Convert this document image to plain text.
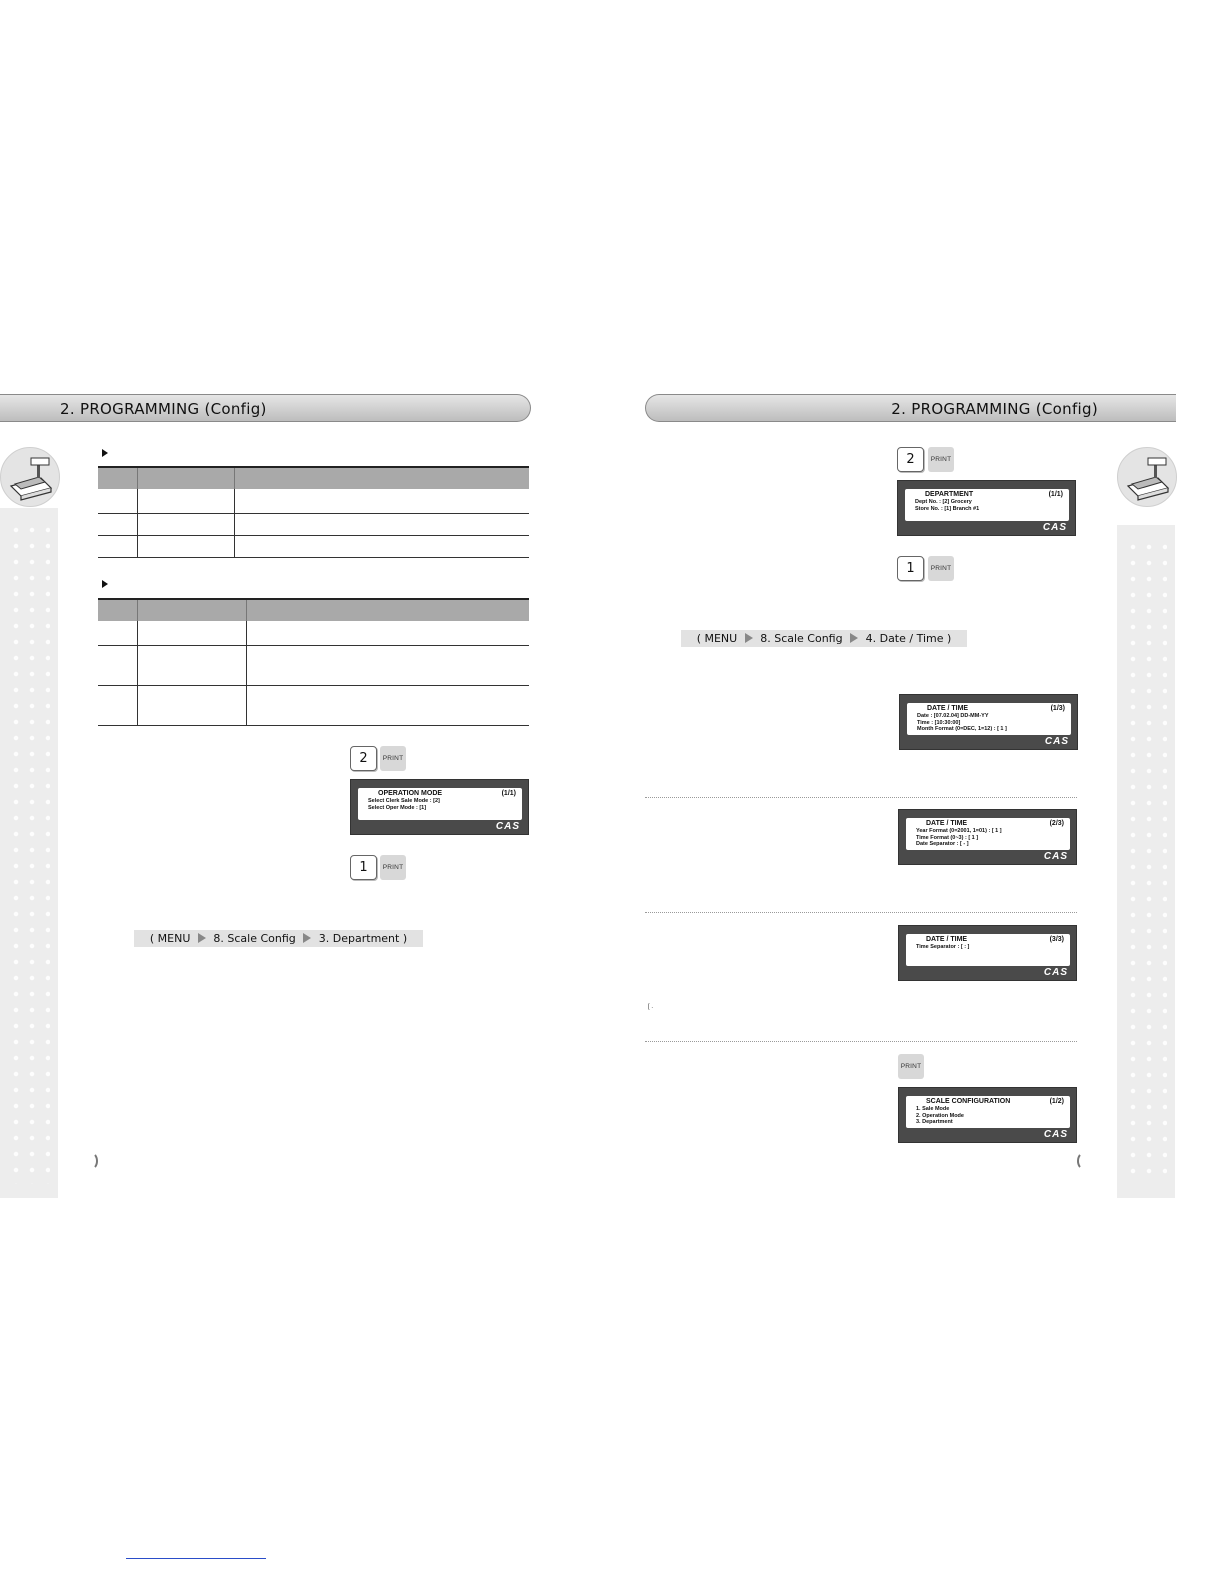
2. PROGRAMMING (Config)

2	PRINT
OPERATION MODE	(1/1)
Select Clerk Sale Mode : [2]
Select Oper Mode : [1]
CAS
1	PRINT
( MENU 8. Scale Config 3. Department )
2. PROGRAMMING (Config)
2	PRINT
DEPARTMENT	(1/1)
Dept No. : [2] Grocery
Store No. : [1] Branch #1
CAS
1	PRINT
( MENU 8. Scale Config 4. Date / Time )
DATE / TIME	(1/3)
Date : [07.02.04] DD-MM-YY
Time : [10:30:00]
Month Format (0=DEC, 1=12) : [ 1 ]
CAS
DATE / TIME	(2/3)
Year Format (0=2001, 1=01) : [ 1 ]
Time Format (0~3) : [ 1 ]
Date Separator : [ - ]
CAS
DATE / TIME	(3/3)
Time Separator : [ : ]
CAS
[ .
PRINT
SCALE CONFIGURATION	(1/2)
1. Sale Mode
2. Operation Mode
3. Department
CAS
